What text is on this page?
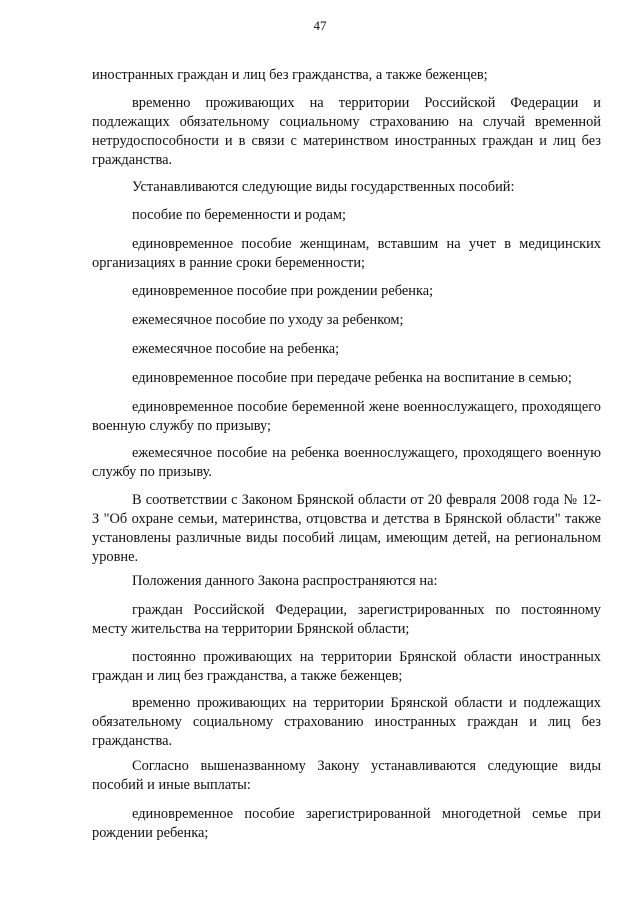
47

иностранных граждан и лиц без гражданства, а также беженцев;

временно проживающих на территории Российской Федерации и подлежащих обязательному социальному страхованию на случай временной нетрудоспособности и в связи с материнством иностранных граждан и лиц без гражданства.

Устанавливаются следующие виды государственных пособий:

пособие по беременности и родам;

единовременное пособие женщинам, вставшим на учет в медицинских организациях в ранние сроки беременности;

единовременное пособие при рождении ребенка;

ежемесячное пособие по уходу за ребенком;

ежемесячное пособие на ребенка;

единовременное пособие при передаче ребенка на воспитание в семью;

единовременное пособие беременной жене военнослужащего, проходящего военную службу по призыву;

ежемесячное пособие на ребенка военнослужащего, проходящего военную службу по призыву.

В соответствии с Законом Брянской области от 20 февраля 2008 года № 12-З "Об охране семьи, материнства, отцовства и детства в Брянской области" также установлены различные виды пособий лицам, имеющим детей, на региональном уровне.

Положения данного Закона распространяются на:

граждан Российской Федерации, зарегистрированных по постоянному месту жительства на территории Брянской области;

постоянно проживающих на территории Брянской области иностранных граждан и лиц без гражданства, а также беженцев;

временно проживающих на территории Брянской области и подлежащих обязательному социальному страхованию иностранных граждан и лиц без гражданства.

Согласно вышеназванному Закону устанавливаются следующие виды пособий и иные выплаты:

единовременное пособие зарегистрированной многодетной семье при рождении ребенка;
